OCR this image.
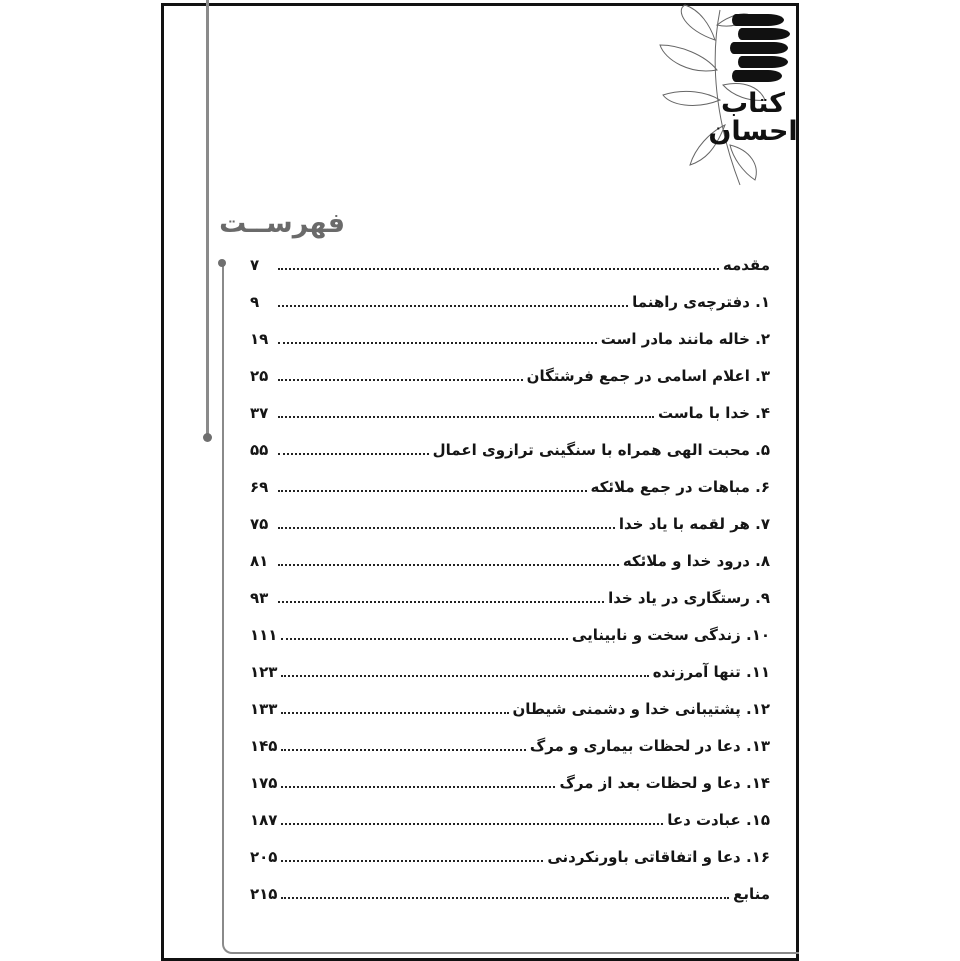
کتاب
احسان
فهرســت
مقدمه
۷
۱. دفترچه‌ی راهنما
۹
۲. خاله مانند مادر است
۱۹
۳. اعلام اسامی در جمع فرشتگان
۲۵
۴. خدا با ماست
۳۷
۵. محبت الهی همراه با سنگینی ترازوی اعمال
۵۵
۶. مباهات در جمع ملائکه
۶۹
۷. هر لقمه با یاد خدا
۷۵
۸. درود خدا و ملائکه
۸۱
۹. رستگاری در یاد خدا
۹۳
۱۰. زندگی سخت و نابینایی
۱۱۱
۱۱. تنها آمرزنده
۱۲۳
۱۲. پشتیبانی خدا و دشمنی شیطان
۱۳۳
۱۳. دعا در لحظات بیماری و مرگ
۱۴۵
۱۴. دعا و لحظات بعد از مرگ
۱۷۵
۱۵. عبادت دعا
۱۸۷
۱۶. دعا و اتفاقاتی باورنکردنی
۲۰۵
منابع
۲۱۵
